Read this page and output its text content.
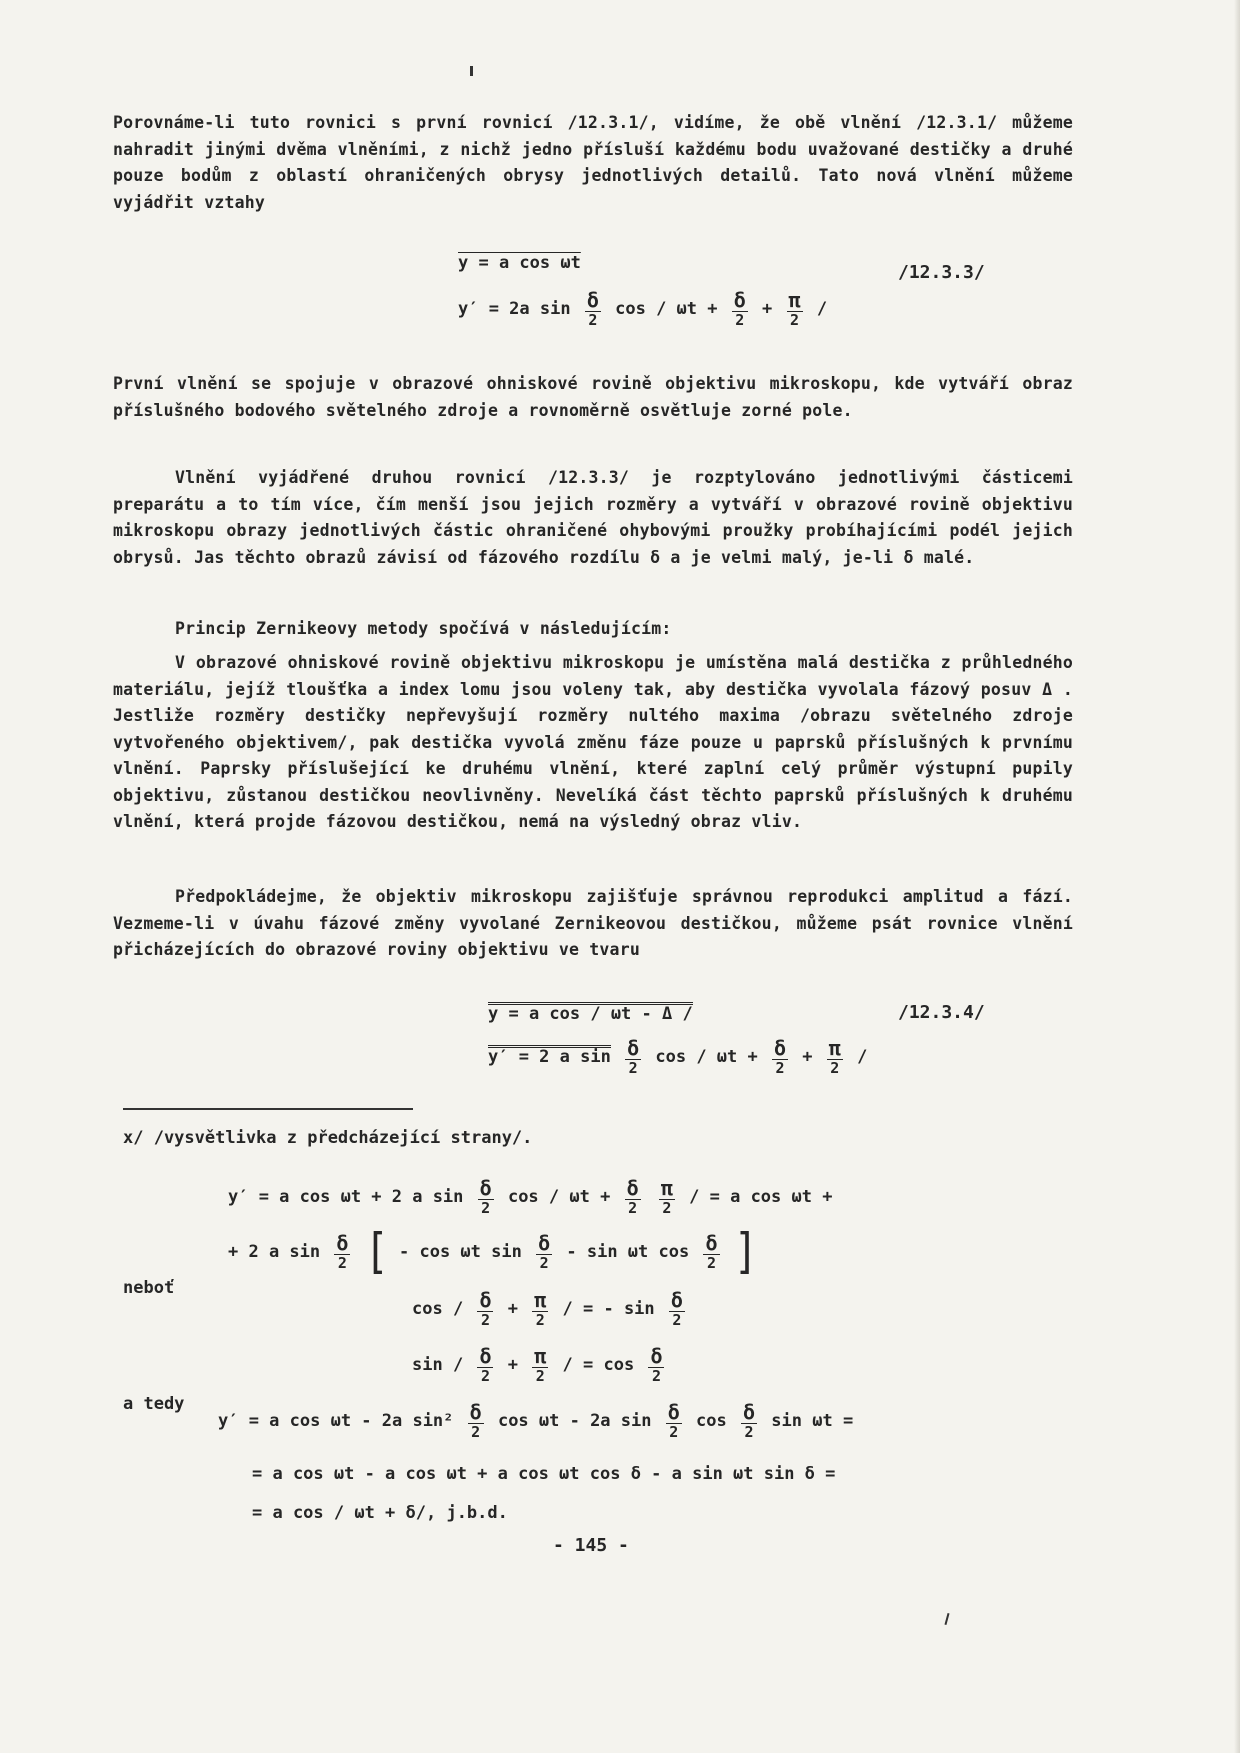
Porovnáme-li tuto rovnici s první rovnicí /12.3.1/, vidíme, že obě vlnění /12.3.1/ můžeme nahradit jinými dvěma vlněními, z nichž jedno přísluší každému bodu uvažované destičky a druhé pouze bodům z oblastí ohraničených obrysy jednotlivých detailů. Tato nová vlnění můžeme vyjádřit vztahy
y = a cos ωt	/12.3.3/
y′ = 2a $\sin \frac{\delta}{2}$ $\cos / \omega t + \frac{\delta}{2} + \frac{\pi}{2}$ /
První vlnění se spojuje v obrazové ohniskové rovině objektivu mikroskopu, kde vytváří obraz příslušného bodového světelného zdroje a rovnoměrně osvětluje zorné pole.
Vlnění vyjádřené druhou rovnicí /12.3.3/ je rozptylováno jednotlivými částicemi preparátu a to tím více, čím menší jsou jejich rozměry a vytváří v obrazové rovině objektivu mikroskopu obrazy jednotlivých částic ohraničené ohybovými proužky probíhajícími podél jejich obrysů. Jas těchto obrazů závisí od fázového rozdílu δ a je velmi malý, je-li δ malé.
Princip Zernikeovy metody spočívá v následujícím:
V obrazové ohniskové rovině objektivu mikroskopu je umístěna malá destička z průhledného materiálu, jejíž tloušťka a index lomu jsou voleny tak, aby destička vyvolala fázový posuv Δ . Jestliže rozměry destičky nepřevyšují rozměry nultého maxima /obrazu světelného zdroje vytvořeného objektivem/, pak destička vyvolá změnu fáze pouze u paprsků příslušných k prvnímu vlnění. Paprsky příslušející ke druhému vlnění, které zaplní celý průměr výstupní pupily objektivu, zůstanou destičkou neovlivněny. Nevelíká část těchto paprsků příslušných k druhému vlnění, která projde fázovou destičkou, nemá na výsledný obraz vliv.
Předpokládejme, že objektiv mikroskopu zajišťuje správnou reprodukci amplitud a fází. Vezmeme-li v úvahu fázové změny vyvolané Zernikeovou destičkou, můžeme psát rovnice vlnění přicházejících do obrazové roviny objektivu ve tvaru
y = a cos / ωt - Δ /	/12.3.4/
y′ = 2 a $\sin \frac{\delta}{2}$ $\cos / \omega t + \frac{\delta}{2} + \frac{\pi}{2}$ /
x/ /vysvětlivka z předcházející strany/.
y′ = a cos ωt + 2 a $\sin \frac{\delta}{2}$ $\cos / \omega t + \frac{\delta}{2}$
$\frac{\pi}{2}$ / = a cos ωt +
+ 2 a $\sin \frac{\delta}{2}$ [ - cos ωt $\sin \frac{\delta}{2}$ - sin ωt $\cos \frac{\delta}{2}$ ]
neboť
$\cos / \frac{\delta}{2} + \frac{\pi}{2}$ / = - $\sin \frac{\delta}{2}$
$\sin / \frac{\delta}{2} + \frac{\pi}{2}$ / = $\cos \frac{\delta}{2}$
a tedy
y′ = a cos ωt - 2a $\sin^2 \frac{\delta}{2}$ cos ωt - 2a $\sin \frac{\delta}{2}$ $\cos \frac{\delta}{2}$ sin ωt =
= a cos ωt - a cos ωt + a cos ωt cos δ - a sin ωt sin δ =
= a cos / ωt + δ/, j.b.d.
- 145 -
